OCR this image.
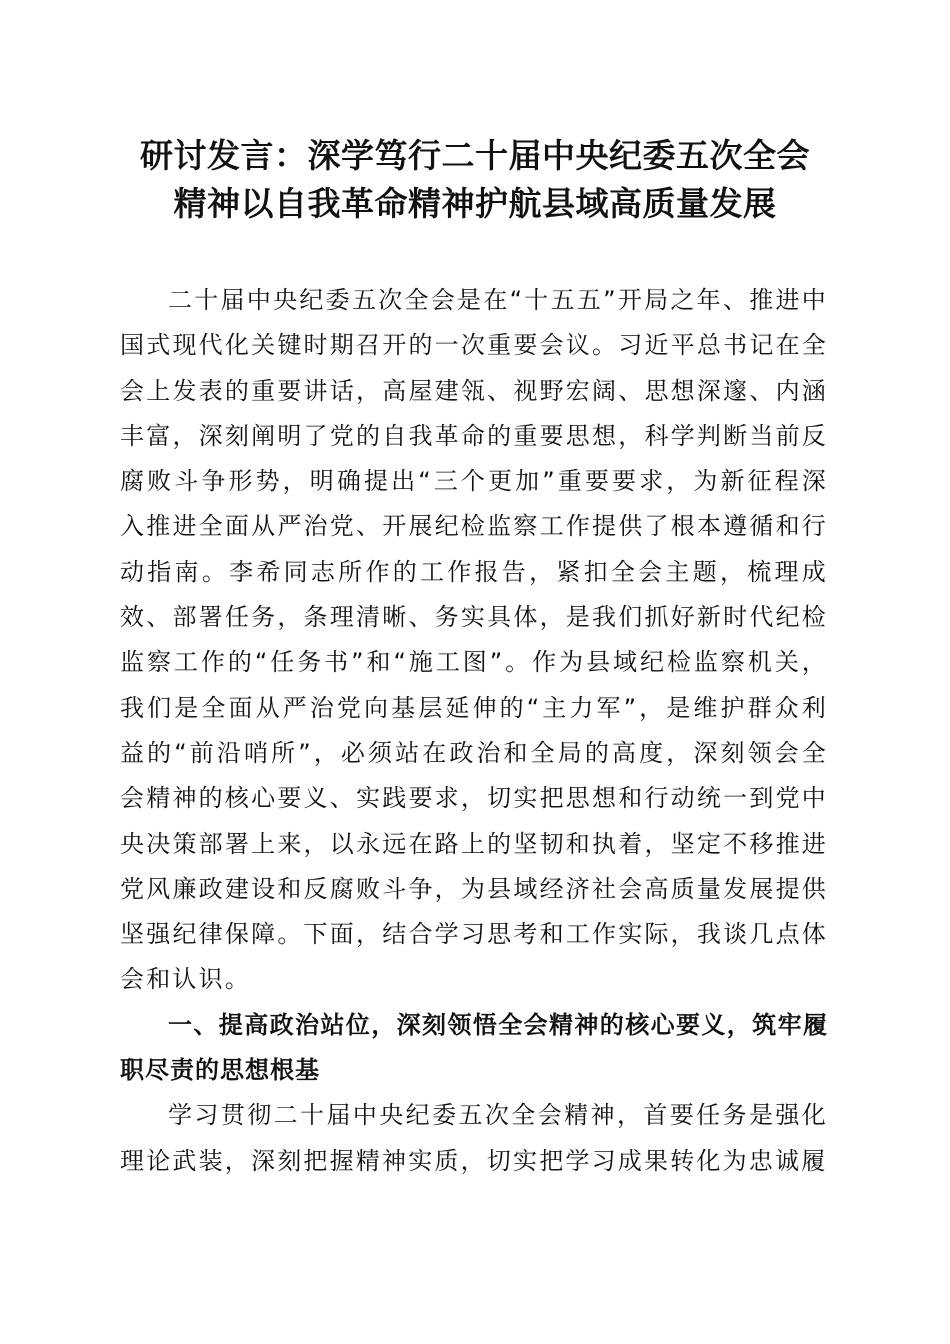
研讨发言：深学笃行二十届中央纪委五次全会
精神以自我革命精神护航县域高质量发展

二十届中央纪委五次全会是在“十五五”开局之年、推进中国式现代化关键时期召开的一次重要会议。习近平总书记在全会上发表的重要讲话，高屋建瓴、视野宏阔、思想深邃、内涵丰富，深刻阐明了党的自我革命的重要思想，科学判断当前反腐败斗争形势，明确提出“三个更加”重要要求，为新征程深入推进全面从严治党、开展纪检监察工作提供了根本遵循和行动指南。李希同志所作的工作报告，紧扣全会主题，梳理成效、部署任务，条理清晰、务实具体，是我们抓好新时代纪检监察工作的“任务书”和“施工图”。作为县域纪检监察机关，我们是全面从严治党向基层延伸的“主力军”，是维护群众利益的“前沿哨所”，必须站在政治和全局的高度，深刻领会全会精神的核心要义、实践要求，切实把思想和行动统一到党中央决策部署上来，以永远在路上的坚韧和执着，坚定不移推进党风廉政建设和反腐败斗争，为县域经济社会高质量发展提供坚强纪律保障。下面，结合学习思考和工作实际，我谈几点体会和认识。

一、提高政治站位，深刻领悟全会精神的核心要义，筑牢履职尽责的思想根基

学习贯彻二十届中央纪委五次全会精神，首要任务是强化理论武装，深刻把握精神实质，切实把学习成果转化为忠诚履
